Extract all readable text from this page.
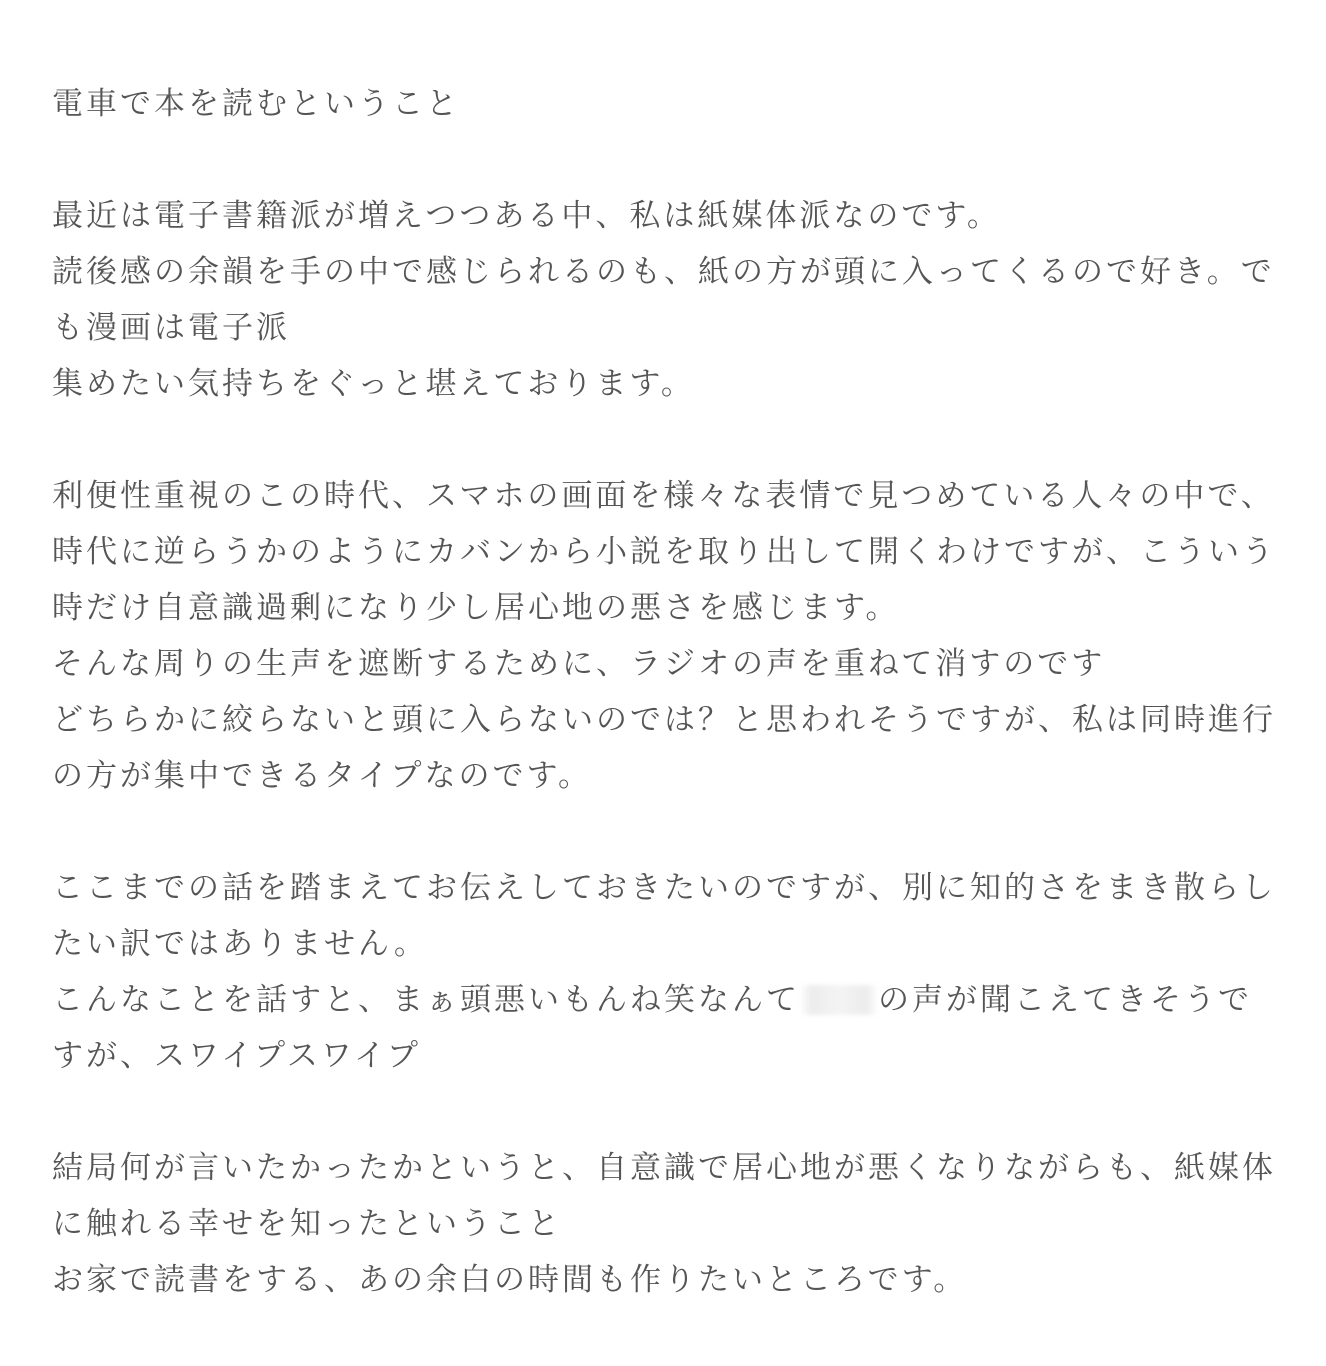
電車で本を読むということ

最近は電子書籍派が増えつつある中、私は紙媒体派なのです。
読後感の余韻を手の中で感じられるのも、紙の方が頭に入ってくるので好き。で
も漫画は電子派
集めたい気持ちをぐっと堪えております。

利便性重視のこの時代、スマホの画面を様々な表情で見つめている人々の中で、
時代に逆らうかのようにカバンから小説を取り出して開くわけですが、こういう
時だけ自意識過剰になり少し居心地の悪さを感じます。
そんな周りの生声を遮断するために、ラジオの声を重ねて消すのです
どちらかに絞らないと頭に入らないのでは？と思われそうですが、私は同時進行
の方が集中できるタイプなのです。

ここまでの話を踏まえてお伝えしておきたいのですが、別に知的さをまき散らし
たい訳ではありません。
こんなことを話すと、まぁ頭悪いもんね笑なんて	の声が聞こえてきそうで
すが、スワイプスワイプ

結局何が言いたかったかというと、自意識で居心地が悪くなりながらも、紙媒体
に触れる幸せを知ったということ
お家で読書をする、あの余白の時間も作りたいところです。
